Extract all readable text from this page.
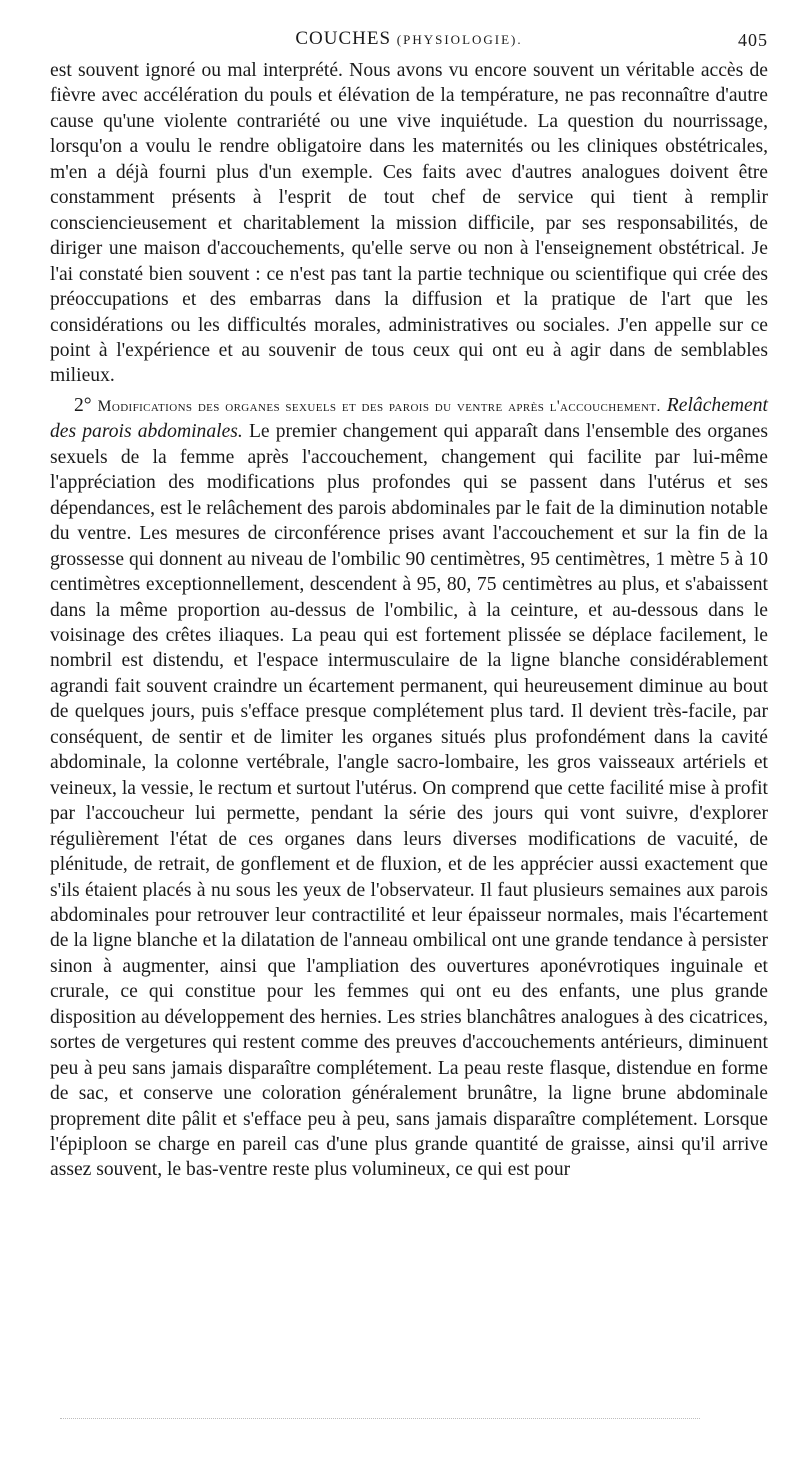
COUCHES (PHYSIOLOGIE).	405

est souvent ignoré ou mal interprété. Nous avons vu encore souvent un véritable accès de fièvre avec accélération du pouls et élévation de la température, ne pas reconnaître d'autre cause qu'une violente contrariété ou une vive inquiétude. La question du nourrissage, lorsqu'on a voulu le rendre obligatoire dans les maternités ou les cliniques obstétricales, m'en a déjà fourni plus d'un exemple. Ces faits avec d'autres analogues doivent être constamment présents à l'esprit de tout chef de service qui tient à remplir consciencieusement et charitablement la mission difficile, par ses responsabilités, de diriger une maison d'accouchements, qu'elle serve ou non à l'enseignement obstétrical. Je l'ai constaté bien souvent : ce n'est pas tant la partie technique ou scientifique qui crée des préoccupations et des embarras dans la diffusion et la pratique de l'art que les considérations ou les difficultés morales, administratives ou sociales. J'en appelle sur ce point à l'expérience et au souvenir de tous ceux qui ont eu à agir dans de semblables milieux.

2° Modifications des organes sexuels et des parois du ventre après l'accouchement. Relâchement des parois abdominales. Le premier changement qui apparaît dans l'ensemble des organes sexuels de la femme après l'accouchement, changement qui facilite par lui-même l'appréciation des modifications plus profondes qui se passent dans l'utérus et ses dépendances, est le relâchement des parois abdominales par le fait de la diminution notable du ventre. Les mesures de circonférence prises avant l'accouchement et sur la fin de la grossesse qui donnent au niveau de l'ombilic 90 centimètres, 95 centimètres, 1 mètre 5 à 10 centimètres exceptionnellement, descendent à 95, 80, 75 centimètres au plus, et s'abaissent dans la même proportion au-dessus de l'ombilic, à la ceinture, et au-dessous dans le voisinage des crêtes iliaques. La peau qui est fortement plissée se déplace facilement, le nombril est distendu, et l'espace intermusculaire de la ligne blanche considérablement agrandi fait souvent craindre un écartement permanent, qui heureusement diminue au bout de quelques jours, puis s'efface presque complétement plus tard. Il devient très-facile, par conséquent, de sentir et de limiter les organes situés plus profondément dans la cavité abdominale, la colonne vertébrale, l'angle sacro-lombaire, les gros vaisseaux artériels et veineux, la vessie, le rectum et surtout l'utérus. On comprend que cette facilité mise à profit par l'accoucheur lui permette, pendant la série des jours qui vont suivre, d'explorer régulièrement l'état de ces organes dans leurs diverses modifications de vacuité, de plénitude, de retrait, de gonflement et de fluxion, et de les apprécier aussi exactement que s'ils étaient placés à nu sous les yeux de l'observateur. Il faut plusieurs semaines aux parois abdominales pour retrouver leur contractilité et leur épaisseur normales, mais l'écartement de la ligne blanche et la dilatation de l'anneau ombilical ont une grande tendance à persister sinon à augmenter, ainsi que l'ampliation des ouvertures aponévrotiques inguinale et crurale, ce qui constitue pour les femmes qui ont eu des enfants, une plus grande disposition au développement des hernies. Les stries blanchâtres analogues à des cicatrices, sortes de vergetures qui restent comme des preuves d'accouchements antérieurs, diminuent peu à peu sans jamais disparaître complétement. La peau reste flasque, distendue en forme de sac, et conserve une coloration généralement brunâtre, la ligne brune abdominale proprement dite pâlit et s'efface peu à peu, sans jamais disparaître complétement. Lorsque l'épiploon se charge en pareil cas d'une plus grande quantité de graisse, ainsi qu'il arrive assez souvent, le bas-ventre reste plus volumineux, ce qui est pour
